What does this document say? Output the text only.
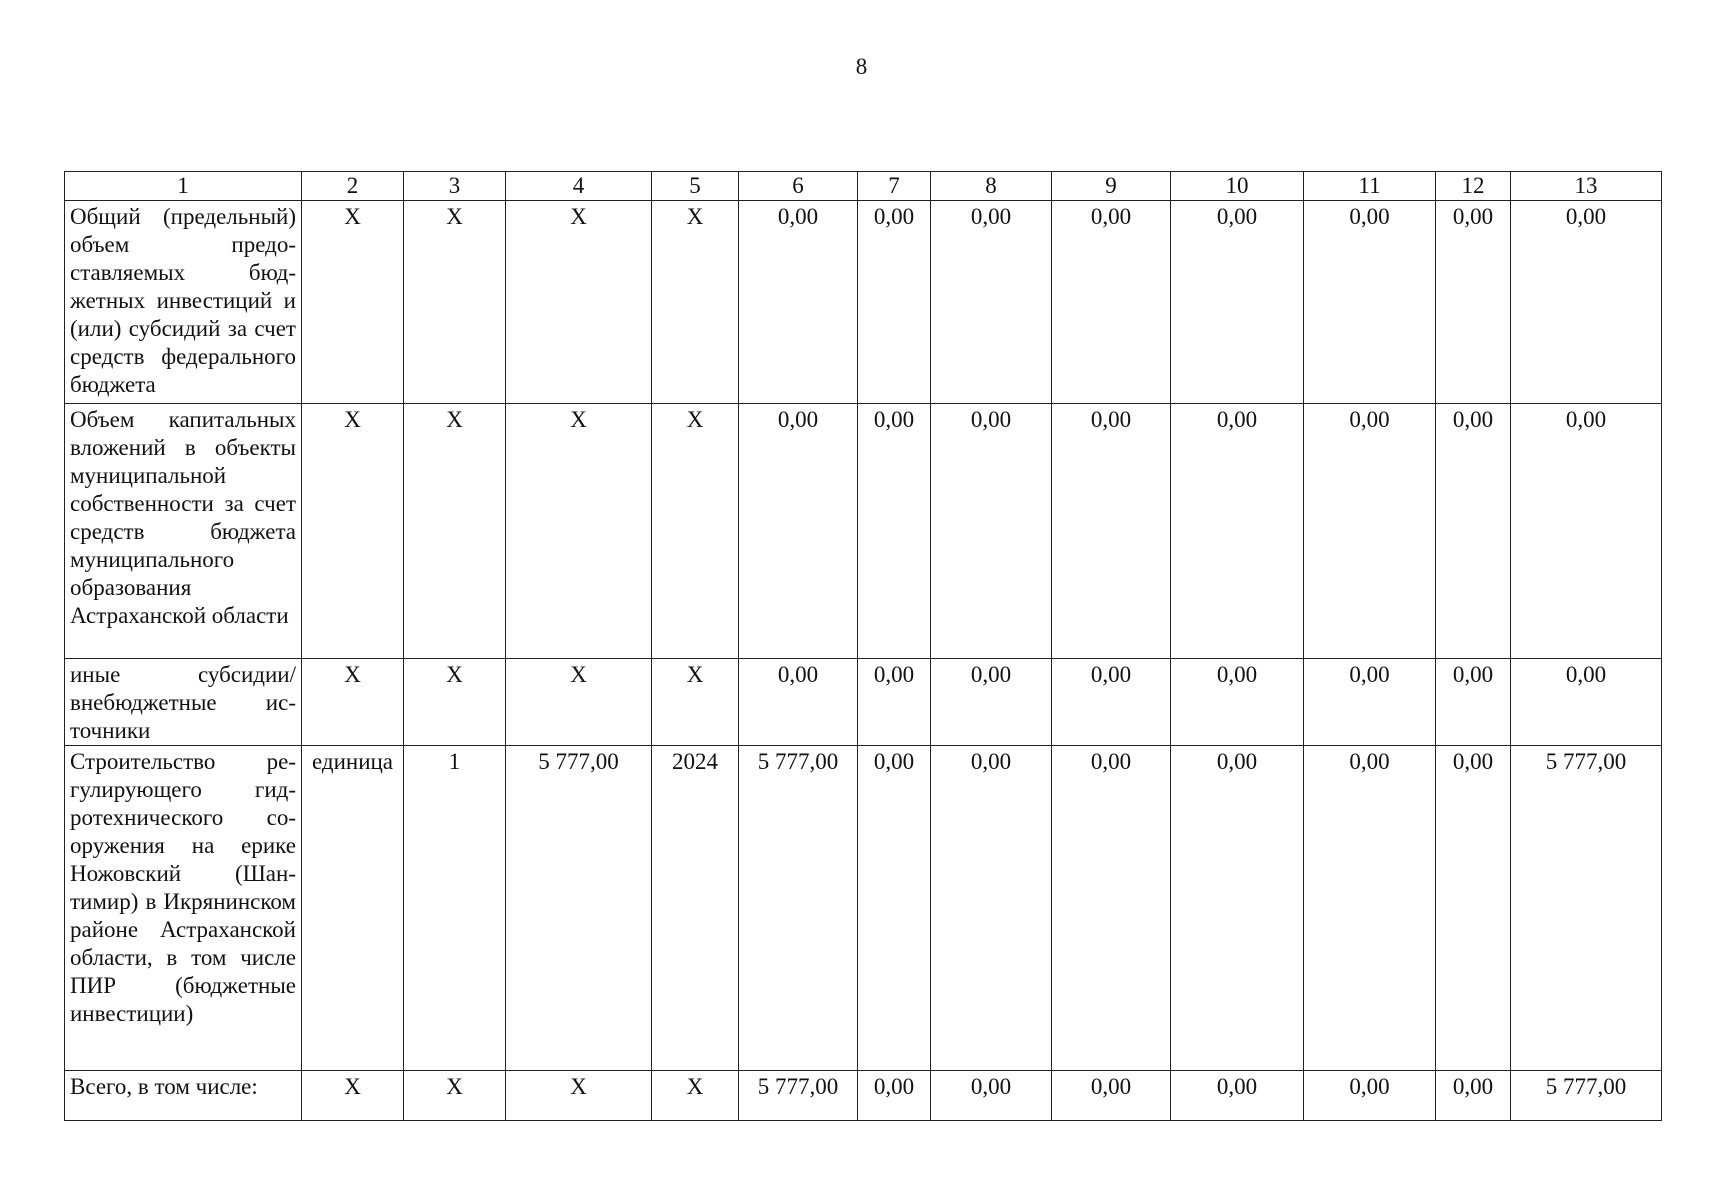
8
1	2	3	4	5	6	7	8	9	10	11	12	13
Общий (предельный) объем предоставляемых бюджетных инвестиций и (или) субсидий за счет средств федерального бюджета	X	X	X	X	0,00	0,00	0,00	0,00	0,00	0,00	0,00	0,00
Объем капитальных вложений в объекты муниципальной собственности за счет средств бюджета муниципального образования Астраханской области	X	X	X	X	0,00	0,00	0,00	0,00	0,00	0,00	0,00	0,00
иные субсидии/ внебюджетные источники	X	X	X	X	0,00	0,00	0,00	0,00	0,00	0,00	0,00	0,00
Строительство регулирующего гидротехнического сооружения на ерике Ножовский (Шантимир) в Икрянинском районе Астраханской области, в том числе ПИР (бюджетные инвестиции)	единица	1	5 777,00	2024	5 777,00	0,00	0,00	0,00	0,00	0,00	0,00	5 777,00
Всего, в том числе:	X	X	X	X	5 777,00	0,00	0,00	0,00	0,00	0,00	0,00	5 777,00
